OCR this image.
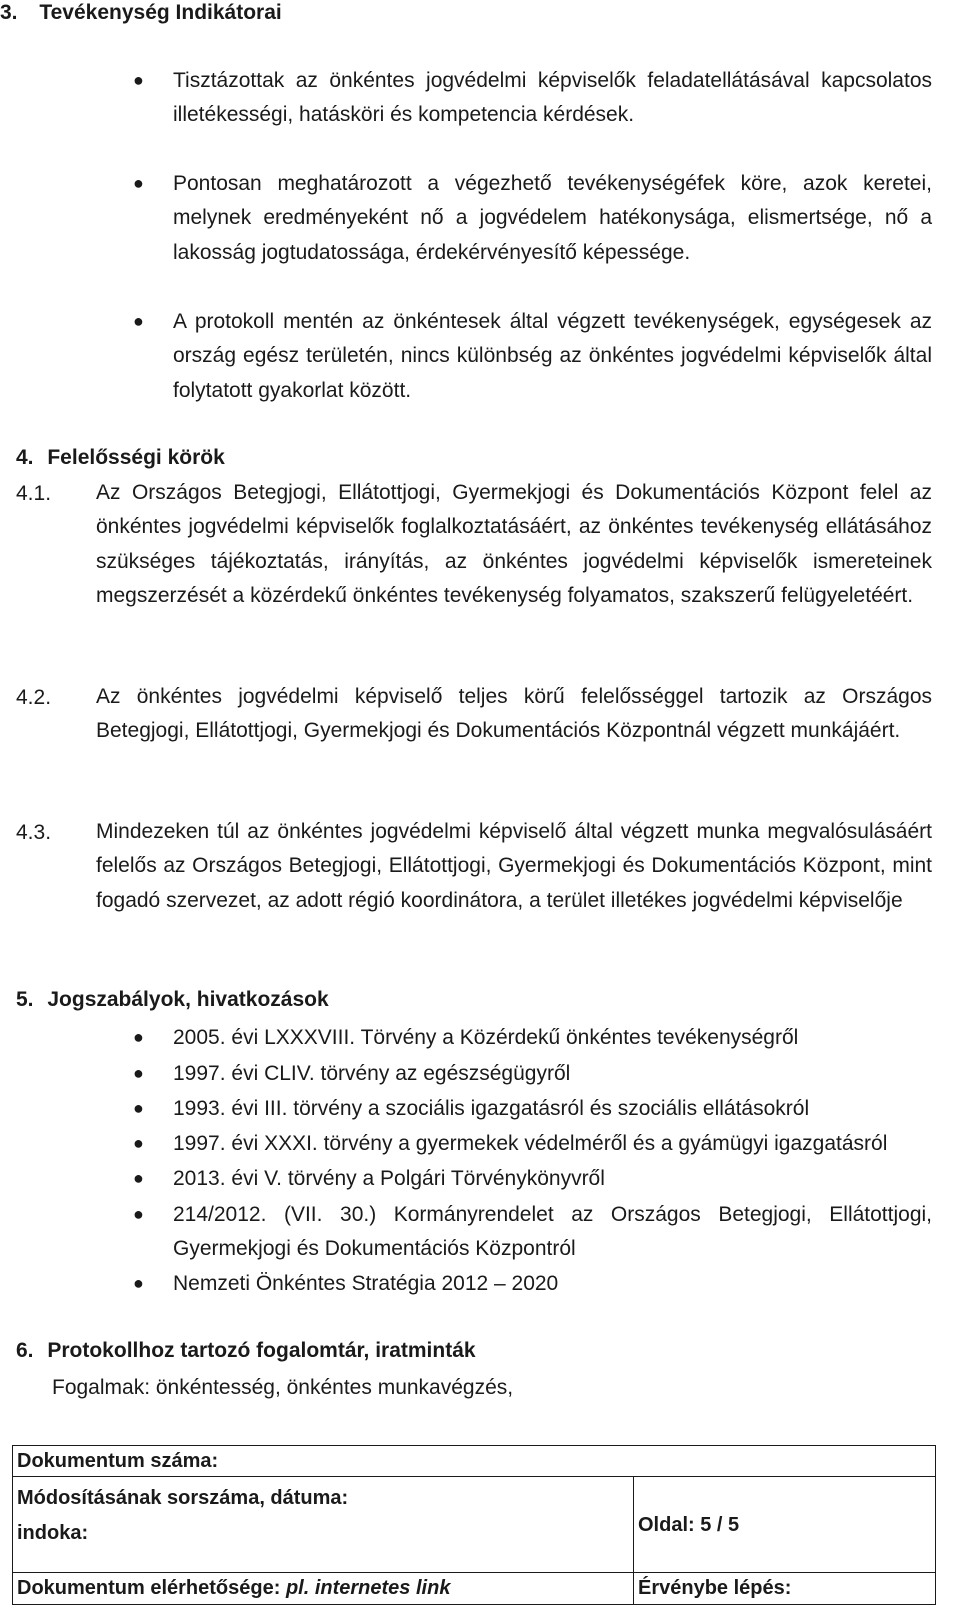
3. Tevékenység Indikátorai
● Tisztázottak az önkéntes jogvédelmi képviselők feladatellátásával kapcsolatos illetékességi, hatásköri és kompetencia kérdések.
● Pontosan meghatározott a végezhető tevékenységéfek köre, azok keretei, melynek eredményeként nő a jogvédelem hatékonysága, elismertsége, nő a lakosság jogtudatossága, érdekérvényesítő képessége.
● A protokoll mentén az önkéntesek által végzett tevékenységek, egységesek az ország egész területén, nincs különbség az önkéntes jogvédelmi képviselők által folytatott gyakorlat között.
4. Felelősségi körök
4.1. Az Országos Betegjogi, Ellátottjogi, Gyermekjogi és Dokumentációs Központ felel az önkéntes jogvédelmi képviselők foglalkoztatásáért, az önkéntes tevékenység ellátásához szükséges tájékoztatás, irányítás, az önkéntes jogvédelmi képviselők ismereteinek megszerzését a közérdekű önkéntes tevékenység folyamatos, szakszerű felügyeletéért.
4.2. Az önkéntes jogvédelmi képviselő teljes körű felelősséggel tartozik az Országos Betegjogi, Ellátottjogi, Gyermekjogi és Dokumentációs Központnál végzett munkájáért.
4.3. Mindezeken túl az önkéntes jogvédelmi képviselő által végzett munka megvalósulásáért felelős az Országos Betegjogi, Ellátottjogi, Gyermekjogi és Dokumentációs Központ, mint fogadó szervezet, az adott régió koordinátora, a terület illetékes jogvédelmi képviselője
5. Jogszabályok, hivatkozások
● 2005. évi LXXXVIII. Törvény a Közérdekű önkéntes tevékenységről
● 1997. évi CLIV. törvény az egészségügyről
● 1993. évi III. törvény a szociális igazgatásról és szociális ellátásokról
● 1997. évi XXXI. törvény a gyermekek védelméről és a gyámügyi igazgatásról
● 2013. évi V. törvény a Polgári Törvénykönyvről
● 214/2012. (VII. 30.) Kormányrendelet az Országos Betegjogi, Ellátottjogi, Gyermekjogi és Dokumentációs Központról
● Nemzeti Önkéntes Stratégia 2012 – 2020
6. Protokollhoz tartozó fogalomtár, iratminták
Fogalmak: önkéntesség, önkéntes munkavégzés,
Dokumentum száma:	

Módosításának sorszáma, dátuma:
indoka:	Oldal: 5 / 5
Dokumentum elérhetősége: pl. internetes link	Érvénybe lépés:
